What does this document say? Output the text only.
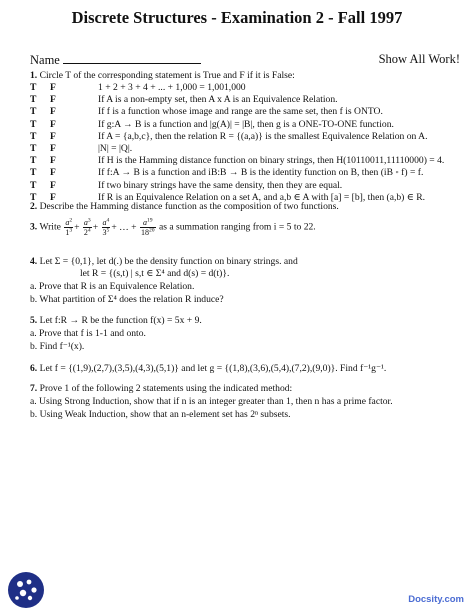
Discrete Structures - Examination 2 - Fall 1997
Name	Show All Work!
1. Circle T of the corresponding statement is True and F if it is False:
T F	1 + 2 + 3 + 4 + ... + 1,000 = 1,001,000
T F	If A is a non-empty set, then A x A is an Equivalence Relation.
T F	If f is a function whose image and range are the same set, then f is ONTO.
T F	If g:A → B is a function and |g(A)| = |B|, then g is a ONE-TO-ONE function.
T F	If A = {a,b,c}, then the relation R = {(a,a)} is the smallest Equivalence Relation on A.
T F	|N| = |Q|.
T F	If H is the Hamming distance function on binary strings, then H(10110011,11110000) = 4.
T F	If f:A → B is a function and iB:B → B is the identity function on B, then (iB ◦ f) = f.
T F	If two binary strings have the same density, then they are equal.
T F	If R is an Equivalence Relation on a set A, and a,b ∈ A with [a] = [b], then (a,b) ∈ R.
2. Describe the Hamming distance function as the composition of two functions.
3. Write $\frac{a^2}{1^3} + \frac{a^3}{2^4} + \frac{a^4}{3^5}$ + … + $\frac{a^{19}}{18^{20}}$ as a summation ranging from i = 5 to 22.
4. Let Σ = {0,1}, let d(.) be the density function on binary strings. and
let R = {(s,t) | s,t ∈ Σ⁴ and d(s) = d(t)}.
a. Prove that R is an Equivalence Relation.
b. What partition of Σ⁴ does the relation R induce?
5. Let f:R → R be the function f(x) = 5x + 9.
a. Prove that f is 1-1 and onto.
b. Find f⁻¹(x).
6. Let f = {(1,9),(2,7),(3,5),(4,3),(5,1)} and let g = {(1,8),(3,6),(5,4),(7,2),(9,0)}. Find f⁻¹g⁻¹.
7. Prove 1 of the following 2 statements using the indicated method:
a. Using Strong Induction, show that if n is an integer greater than 1, then n has a prime factor.
b. Using Weak Induction, show that an n-element set has 2ⁿ subsets.
Docsity.com
